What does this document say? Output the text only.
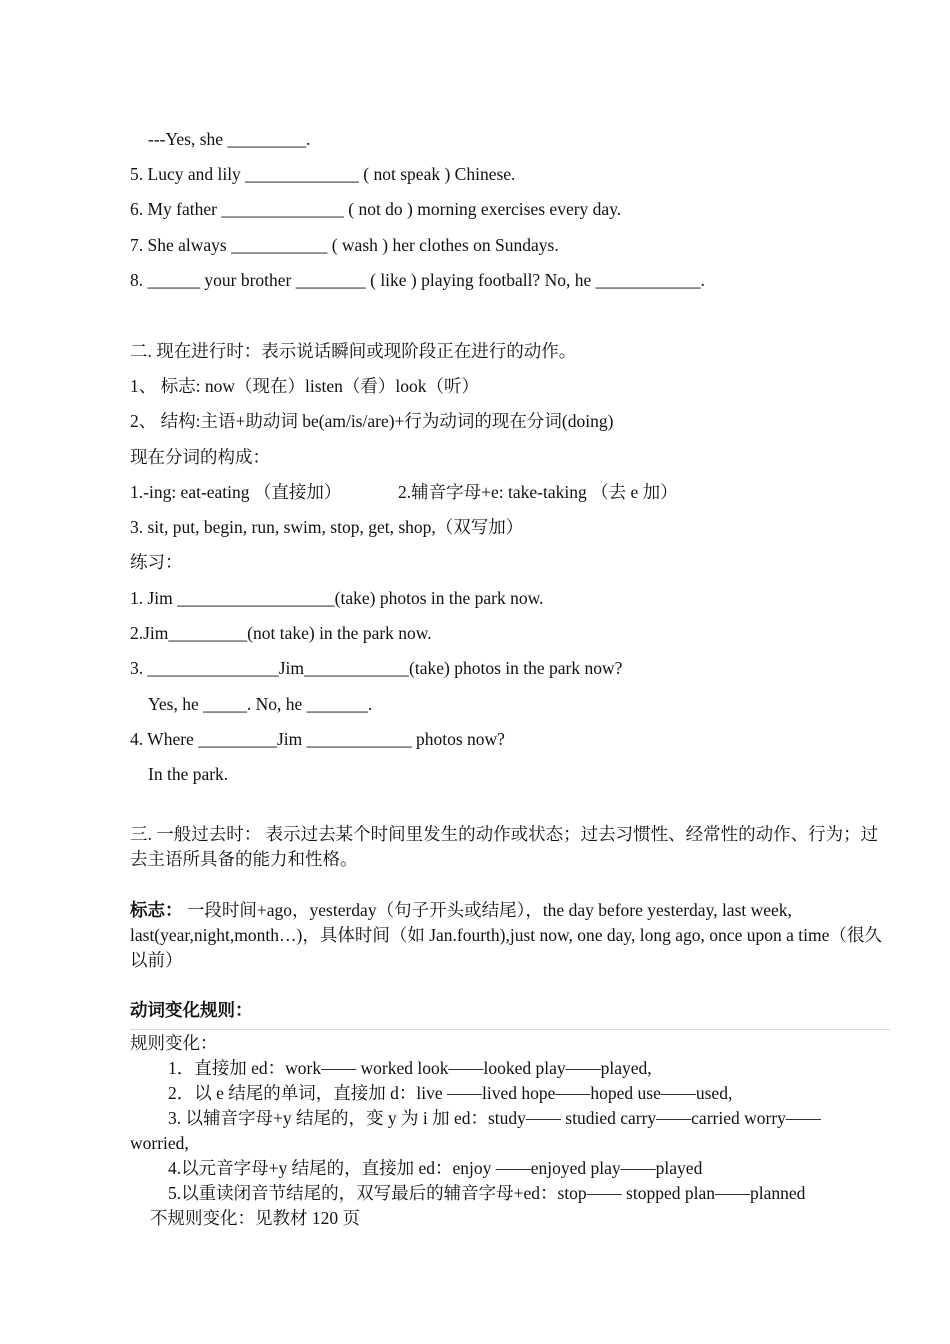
---Yes, she _________.
5. Lucy and lily _____________ ( not speak ) Chinese.
6. My father ______________ ( not do ) morning exercises every day.
7. She always ___________ ( wash ) her clothes on Sundays.
8. ______ your brother ________ ( like ) playing football? No, he ____________.
二. 现在进行时：表示说话瞬间或现阶段正在进行的动作。
1、 标志: now（现在）listen（看）look（听）
2、 结构:主语+助动词 be(am/is/are)+行为动词的现在分词(doing)
现在分词的构成：
1.-ing: eat-eating （直接加）	2.辅音字母+e: take-taking （去 e 加）
3. sit, put, begin, run, swim, stop, get, shop,（双写加）
练习：
1. Jim __________________(take) photos in the park now.
2.Jim_________(not take) in the park now.
3. _______________Jim____________(take) photos in the park now?
Yes, he _____. No, he _______.
4. Where _________Jim ____________ photos now?
In the park.
三. 一般过去时： 表示过去某个时间里发生的动作或状态；过去习惯性、经常性的动作、行为；过去主语所具备的能力和性格。
标志： 一段时间+ago，yesterday（句子开头或结尾），the day before yesterday, last week, last(year,night,month…)，具体时间（如 Jan.fourth),just now, one day, long ago, once upon a time（很久以前）
动词变化规则：
规则变化：
1．直接加 ed：work—— worked look——looked play——played,
2．以 e 结尾的单词，直接加 d：live ——lived hope——hoped use——used,
3. 以辅音字母+y 结尾的，变 y 为 i 加 ed：study—— studied carry——carried worry——
worried,
4.以元音字母+y 结尾的，直接加 ed：enjoy ——enjoyed play——played
5.以重读闭音节结尾的，双写最后的辅音字母+ed：stop—— stopped plan——planned
不规则变化：见教材 120 页
